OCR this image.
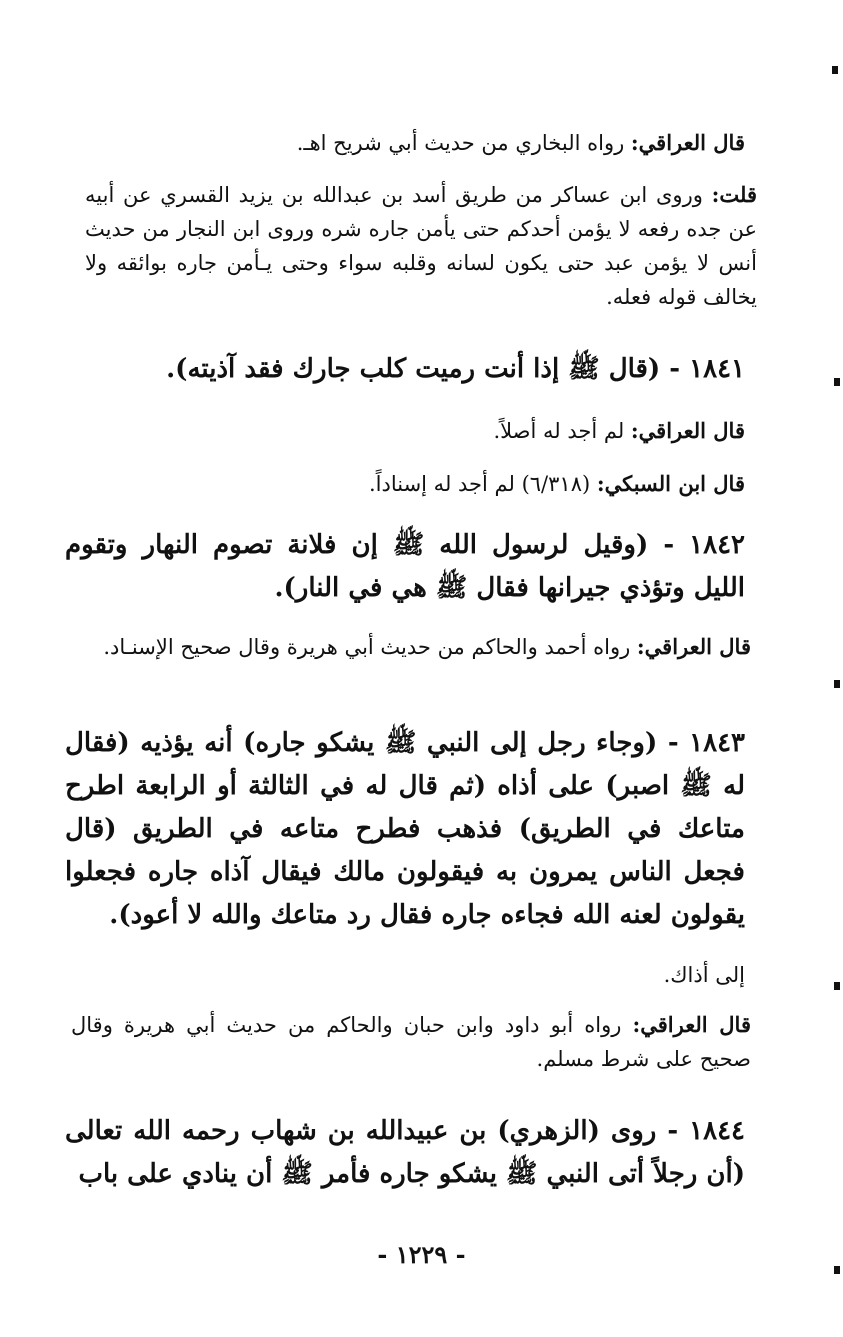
قال العراقي: رواه البخاري من حديث أبي شريح اهـ.
قلت: وروى ابن عساكر من طريق أسد بن عبدالله بن يزيد القسري عن أبيه عن جده رفعه لا يؤمن أحدكم حتى يأمن جاره شره وروى ابن النجار من حديث أنس لا يؤمن عبد حتى يكون لسانه وقلبه سواء وحتى يـأمن جاره بوائقه ولا يخالف قوله فعله.
١٨٤١ - (قال ﷺ إذا أنت رميت كلب جارك فقد آذيته).
قال العراقي: لم أجد له أصلاً.
قال ابن السبكي: (٦/٣١٨) لم أجد له إسناداً.
١٨٤٢ - (وقيل لرسول الله ﷺ إن فلانة تصوم النهار وتقوم الليل وتؤذي جيرانها فقال ﷺ هي في النار).
قال العراقي: رواه أحمد والحاكم من حديث أبي هريرة وقال صحيح الإسنـاد.
١٨٤٣ - (وجاء رجل إلى النبي ﷺ يشكو جاره) أنه يؤذيه (فقال له ﷺ اصبر) على أذاه (ثم قال له في الثالثة أو الرابعة اطرح متاعك في الطريق) فذهب فطرح متاعه في الطريق (قال فجعل الناس يمرون به فيقولون مالك فيقال آذاه جاره فجعلوا يقولون لعنه الله فجاءه جاره فقال رد متاعك والله لا أعود).
إلى أذاك.
قال العراقي: رواه أبو داود وابن حبان والحاكم من حديث أبي هريرة وقال صحيح على شرط مسلم.
١٨٤٤ - روى (الزهري) بن عبيدالله بن شهاب رحمه الله تعالى (أن رجلاً أتى النبي ﷺ يشكو جاره فأمر ﷺ أن ينادي على باب
- ١٢٢٩ -
